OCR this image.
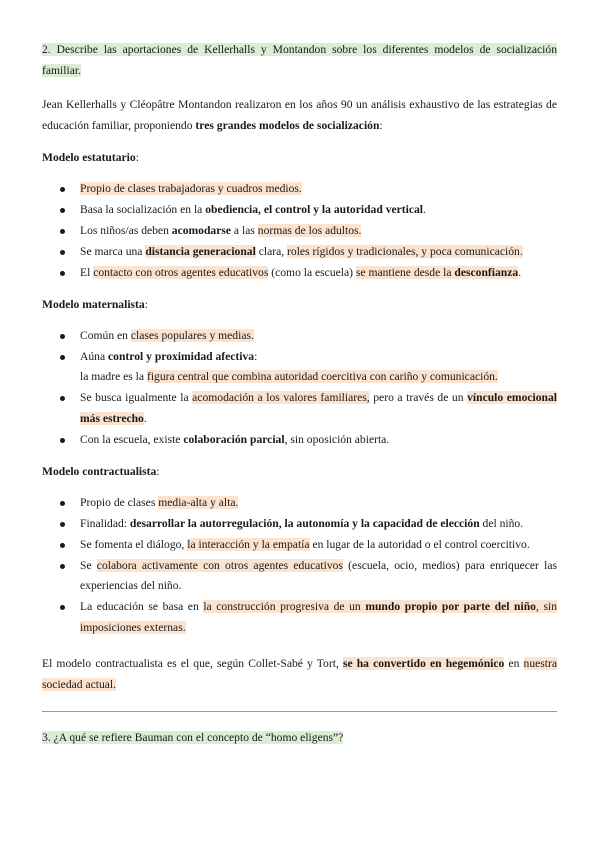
2. Describe las aportaciones de Kellerhalls y Montandon sobre los diferentes modelos de socialización familiar.

Jean Kellerhalls y Cléopâtre Montandon realizaron en los años 90 un análisis exhaustivo de las estrategias de educación familiar, proponiendo tres grandes modelos de socialización:

Modelo estatutario:

Propio de clases trabajadoras y cuadros medios.
Basa la socialización en la obediencia, el control y la autoridad vertical.
Los niños/as deben acomodarse a las normas de los adultos.
Se marca una distancia generacional clara, roles rígidos y tradicionales, y poca comunicación.
El contacto con otros agentes educativos (como la escuela) se mantiene desde la desconfianza.

Modelo maternalista:

Común en clases populares y medias.
Aúna control y proximidad afectiva:
la madre es la figura central que combina autoridad coercitiva con cariño y comunicación.
Se busca igualmente la acomodación a los valores familiares, pero a través de un vínculo emocional más estrecho.
Con la escuela, existe colaboración parcial, sin oposición abierta.

Modelo contractualista:

Propio de clases media-alta y alta.
Finalidad: desarrollar la autorregulación, la autonomía y la capacidad de elección del niño.
Se fomenta el diálogo, la interacción y la empatía en lugar de la autoridad o el control coercitivo.
Se colabora activamente con otros agentes educativos (escuela, ocio, medios) para enriquecer las experiencias del niño.
La educación se basa en la construcción progresiva de un mundo propio por parte del niño, sin imposiciones externas.

El modelo contractualista es el que, según Collet-Sabé y Tort, se ha convertido en hegemónico en nuestra sociedad actual.

3. ¿A qué se refiere Bauman con el concepto de “homo eligens”?
